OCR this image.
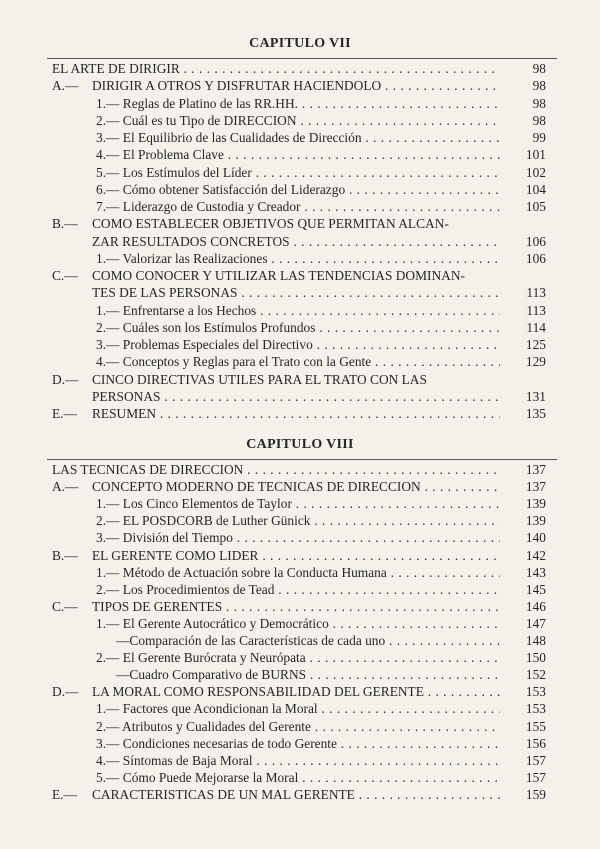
CAPITULO VII
EL ARTE DE DIRIGIR . . .	98
A.— DIRIGIR A OTROS Y DISFRUTAR HACIENDOLO . . .	98
1.— Reglas de Platino de las RR.HH. . . .	98
2.— Cuál es tu Tipo de DIRECCION . . .	98
3.— El Equilibrio de las Cualidades de Dirección . . .	99
4.— El Problema Clave . . .	101
5.— Los Estímulos del Líder . . .	102
6.— Cómo obtener Satisfacción del Liderazgo . . .	104
7.— Liderazgo de Custodia y Creador . . .	105
B.— COMO ESTABLECER OBJETIVOS QUE PERMITAN ALCAN-
ZAR RESULTADOS CONCRETOS . . .	106
1.— Valorizar las Realizaciones . . .	106
C.— COMO CONOCER Y UTILIZAR LAS TENDENCIAS DOMINAN-
TES DE LAS PERSONAS . . .	113
1.— Enfrentarse a los Hechos . . .	113
2.— Cuáles son los Estímulos Profundos . . .	114
3.— Problemas Especiales del Directivo . . .	125
4.— Conceptos y Reglas para el Trato con la Gente . . .	129
D.— CINCO DIRECTIVAS UTILES PARA EL TRATO CON LAS
PERSONAS . . .	131
E.— RESUMEN . . .	135
CAPITULO VIII
LAS TECNICAS DE DIRECCION . . .	137
A.— CONCEPTO MODERNO DE TECNICAS DE DIRECCION . . .	137
1.— Los Cinco Elementos de Taylor . . .	139
2.— EL POSDCORB de Luther Günick . . .	139
3.— División del Tiempo . . .	140
B.— EL GERENTE COMO LIDER . . .	142
1.— Método de Actuación sobre la Conducta Humana . . .	143
2.— Los Procedimientos de Tead . . .	145
C.— TIPOS DE GERENTES . . .	146
1.— El Gerente Autocrático y Democrático . . .	147
—Comparación de las Características de cada uno . . .	148
2.— El Gerente Burócrata y Neurópata . . .	150
—Cuadro Comparativo de BURNS . . .	152
D.— LA MORAL COMO RESPONSABILIDAD DEL GERENTE . . .	153
1.— Factores que Acondicionan la Moral . . .	153
2.— Atributos y Cualidades del Gerente . . .	155
3.— Condiciones necesarias de todo Gerente . . .	156
4.— Síntomas de Baja Moral . . .	157
5.— Cómo Puede Mejorarse la Moral . . .	157
E.— CARACTERISTICAS DE UN MAL GERENTE . . .	159
